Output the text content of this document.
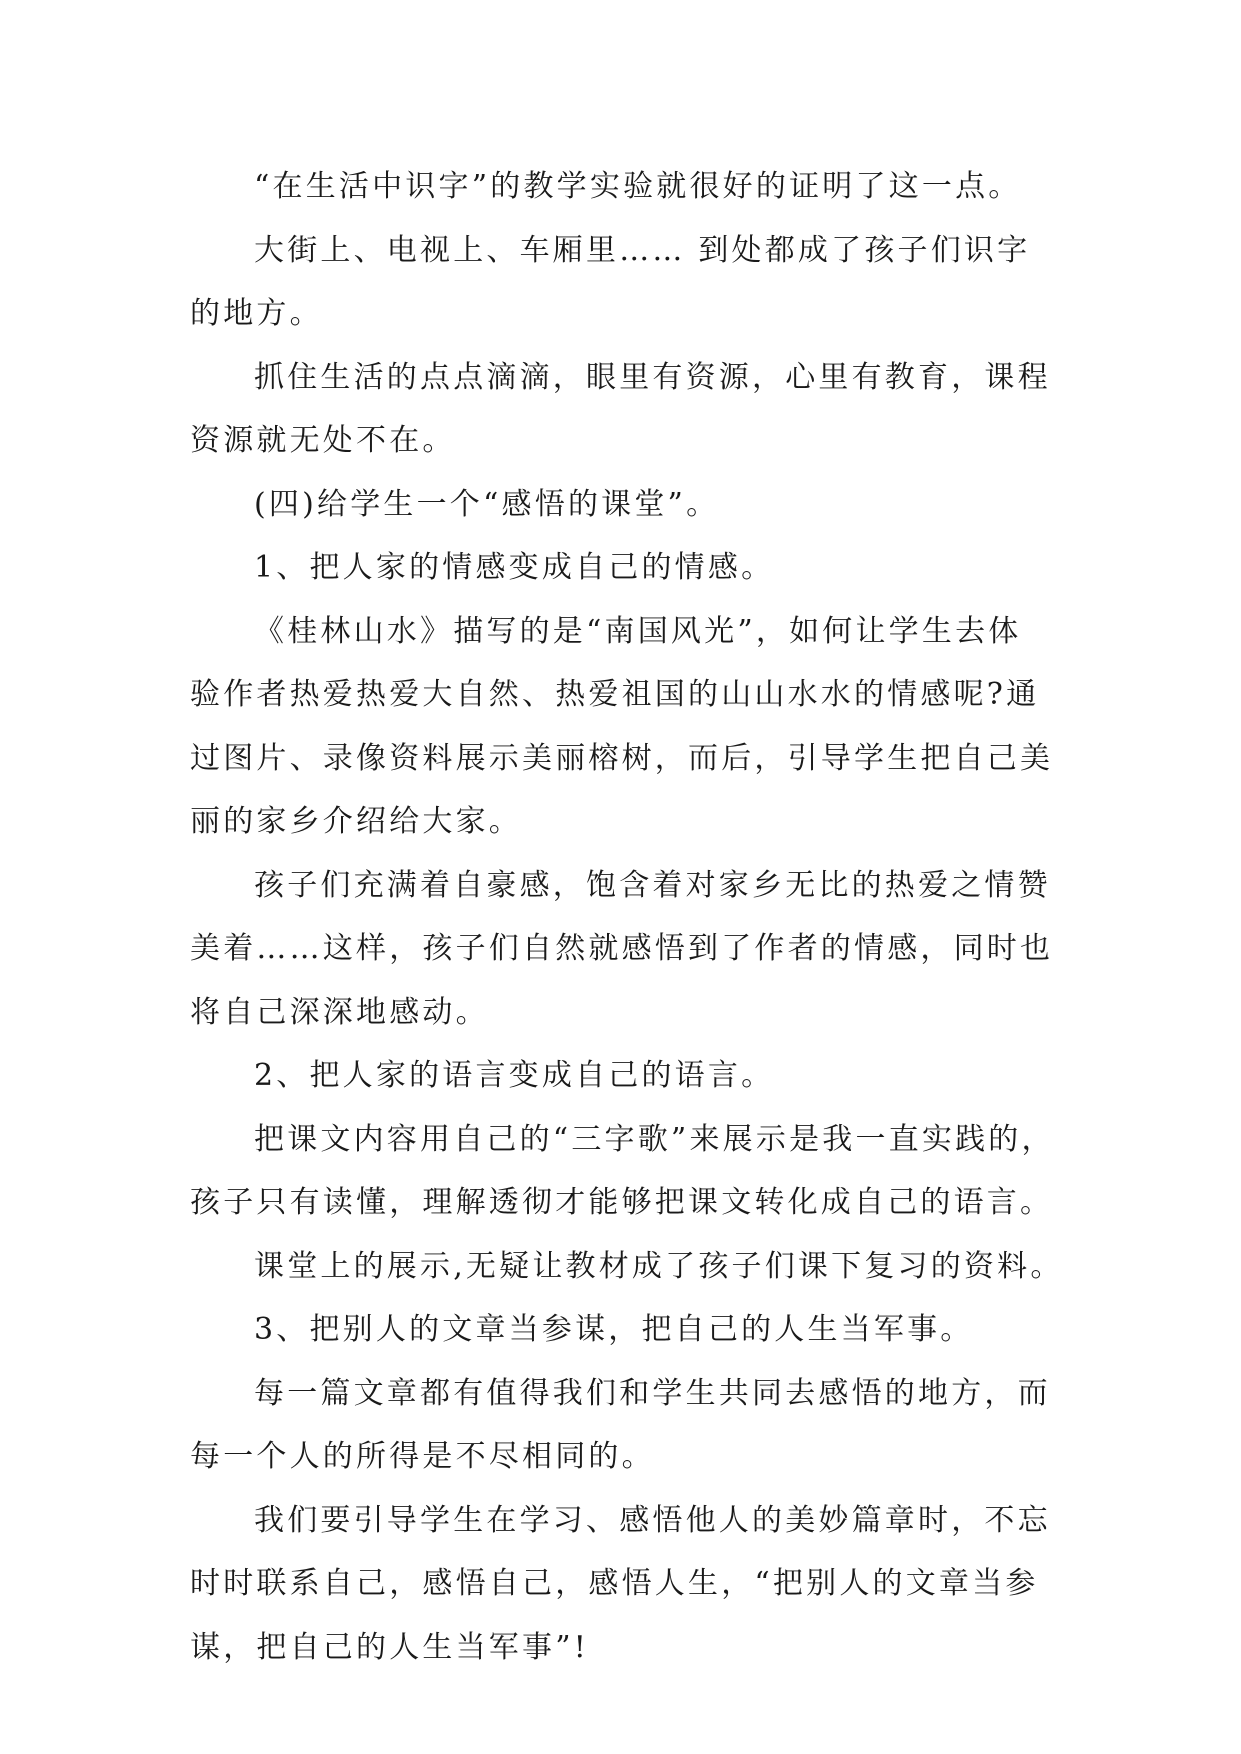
“在生活中识字”的教学实验就很好的证明了这一点。
大街上、电视上、车厢里…… 到处都成了孩子们识字
的地方。
抓住生活的点点滴滴，眼里有资源，心里有教育，课程
资源就无处不在。
(四)给学生一个“感悟的课堂”。
1、把人家的情感变成自己的情感。
《桂林山水》描写的是“南国风光”，如何让学生去体
验作者热爱热爱大自然、热爱祖国的山山水水的情感呢?通
过图片、录像资料展示美丽榕树，而后，引导学生把自己美
丽的家乡介绍给大家。
孩子们充满着自豪感，饱含着对家乡无比的热爱之情赞
美着……这样，孩子们自然就感悟到了作者的情感，同时也
将自己深深地感动。
2、把人家的语言变成自己的语言。
把课文内容用自己的“三字歌”来展示是我一直实践的，
孩子只有读懂，理解透彻才能够把课文转化成自己的语言。
课堂上的展示,无疑让教材成了孩子们课下复习的资料。
3、把别人的文章当参谋，把自己的人生当军事。
每一篇文章都有值得我们和学生共同去感悟的地方，而
每一个人的所得是不尽相同的。
我们要引导学生在学习、感悟他人的美妙篇章时，不忘
时时联系自己，感悟自己，感悟人生，“把别人的文章当参
谋，把自己的人生当军事”!
